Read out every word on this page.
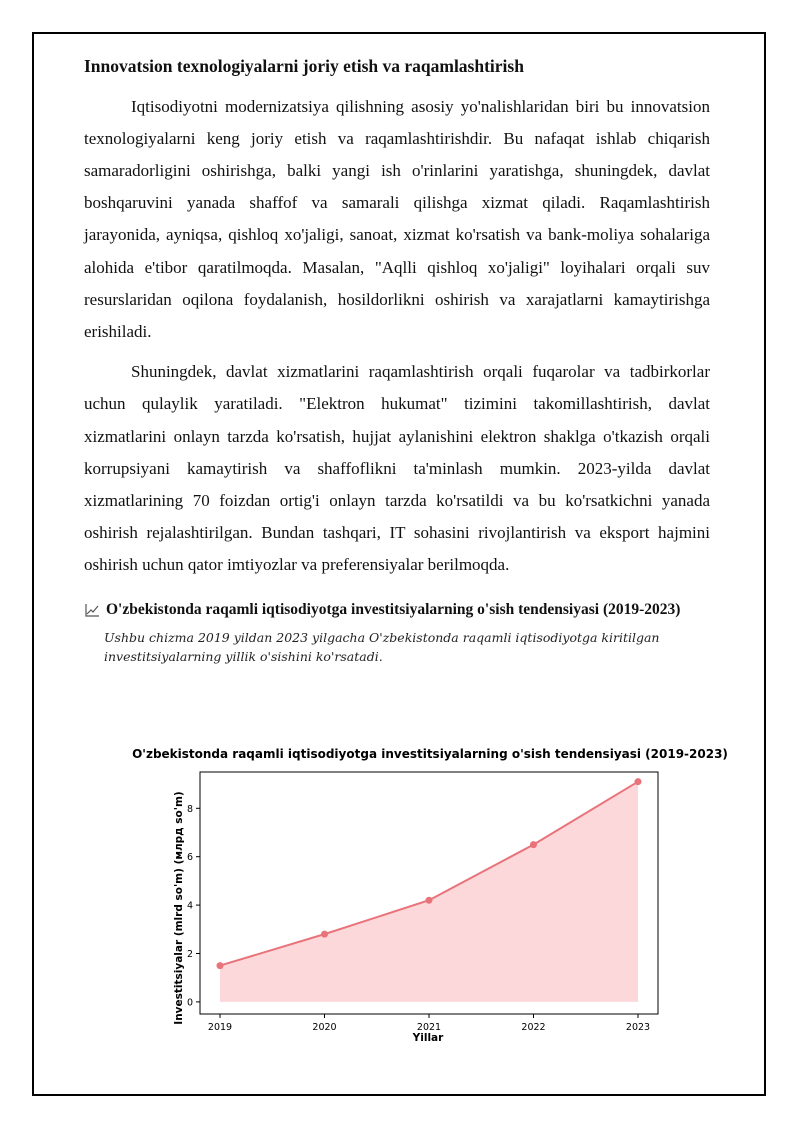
Innovatsion texnologiyalarni joriy etish va raqamlashtirish

Iqtisodiyotni modernizatsiya qilishning asosiy yo'nalishlaridan biri bu innovatsion texnologiyalarni keng joriy etish va raqamlashtirishdir. Bu nafaqat ishlab chiqarish samaradorligini oshirishga, balki yangi ish o'rinlarini yaratishga, shuningdek, davlat boshqaruvini yanada shaffof va samarali qilishga xizmat qiladi. Raqamlashtirish jarayonida, ayniqsa, qishloq xo'jaligi, sanoat, xizmat ko'rsatish va bank-moliya sohalariga alohida e'tibor qaratilmoqda. Masalan, "Aqlli qishloq xo'jaligi" loyihalari orqali suv resurslaridan oqilona foydalanish, hosildorlikni oshirish va xarajatlarni kamaytirishga erishiladi.

Shuningdek, davlat xizmatlarini raqamlashtirish orqali fuqarolar va tadbirkorlar uchun qulaylik yaratiladi. "Elektron hukumat" tizimini takomillashtirish, davlat xizmatlarini onlayn tarzda ko'rsatish, hujjat aylanishini elektron shaklga o'tkazish orqali korrupsiyani kamaytirish va shaffoflikni ta'minlash mumkin. 2023-yilda davlat xizmatlarining 70 foizdan ortig'i onlayn tarzda ko'rsatildi va bu ko'rsatkichni yanada oshirish rejalashtirilgan. Bundan tashqari, IT sohasini rivojlantirish va eksport hajmini oshirish uchun qator imtiyozlar va preferensiyalar berilmoqda.

O'zbekistonda raqamli iqtisodiyotga investitsiyalarning o'sish tendensiyasi (2019-2023)
Ushbu chizma 2019 yildan 2023 yilgacha O'zbekistonda raqamli iqtisodiyotga kiritilgan investitsiyalarning yillik o'sishini ko'rsatadi.
O'zbekistonda raqamli iqtisodiyotga investitsiyalarning o'sish tendensiyasi (2019-2023)
Investitsiyalar (mlrd so'm) (млрд so'm)
Yillar
0
2
4
6
8
2019	2020	2021	2022	2023
